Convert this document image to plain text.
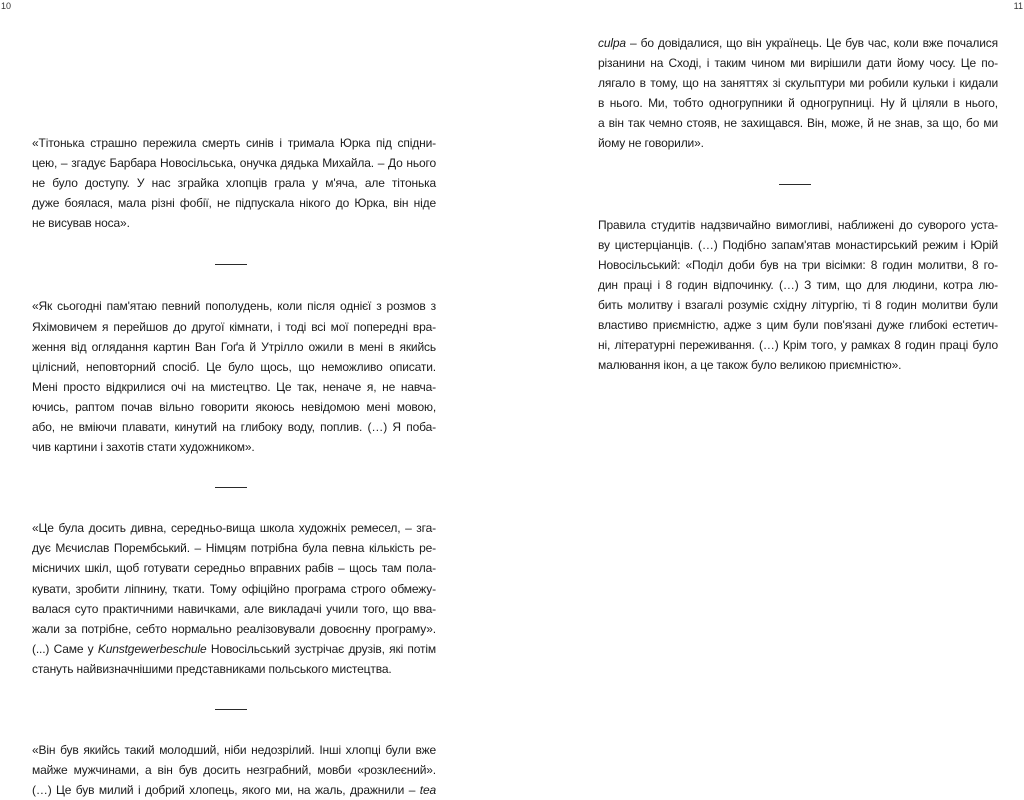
10	11
«Тітонька страшно пережила смерть синів і тримала Юрка під спідни-
цею, – згадує Барбара Новосільська, онучка дядька Михайла. – До нього
не було доступу. У нас зграйка хлопців грала у м'яча, але тітонька
дуже боялася, мала різні фобії, не підпускала нікого до Юрка, він ніде
не висував носа».
«Як сьогодні пам'ятаю певний пополудень, коли після однієї з розмов з
Яхімовичем я перейшов до другої кімнати, і тоді всі мої попередні вра-
ження від оглядання картин Ван Гоґа й Утрілло ожили в мені в якийсь
цілісний, неповторний спосіб. Це було щось, що неможливо описати.
Мені просто відкрилися очі на мистецтво. Це так, неначе я, не навча-
ючись, раптом почав вільно говорити якоюсь невідомою мені мовою,
або, не вміючи плавати, кинутий на глибоку воду, поплив. (…) Я поба-
чив картини і захотів стати художником».
«Це була досить дивна, середньо-вища школа художніх ремесел, – зга-
дує Мєчислав Порембський. – Німцям потрібна була певна кількість ре-
місничих шкіл, щоб готувати середньо вправних рабів – щось там пола-
кувати, зробити ліпнину, ткати. Тому офіційно програма строго обмежу-
валася суто практичними навичками, але викладачі учили того, що вва-
жали за потрібне, себто нормально реалізовували довоєнну програму».
(...) Саме у Kunstgewerbeschule Новосільський зустрічає друзів, які потім
стануть найвизначнішими представниками польського мистецтва.
«Він був якийсь такий молодший, ніби недозрілий. Інші хлопці були вже
майже мужчинами, а він був досить незграбний, мовби «розклеєний».
(…) Це був милий і добрий хлопець, якого ми, на жаль, дражнили – tea
culpa – бо довідалися, що він українець. Це був час, коли вже почалися
різанини на Сході, і таким чином ми вирішили дати йому чосу. Це по-
лягало в тому, що на заняттях зі скульптури ми робили кульки і кидали
в нього. Ми, тобто одногрупники й одногрупниці. Ну й ціляли в нього,
а він так чемно стояв, не захищався. Він, може, й не знав, за що, бо ми
йому не говорили».
Правила студитів надзвичайно вимогливі, наближені до суворого уста-
ву цистерціанців. (…) Подібно запам'ятав монастирський режим і Юрій
Новосільський: «Поділ доби був на три вісімки: 8 годин молитви, 8 го-
дин праці і 8 годин відпочинку. (…) З тим, що для людини, котра лю-
бить молитву і взагалі розуміє східну літургію, ті 8 годин молитви були
властиво приємністю, адже з цим були пов'язані дуже глибокі естетич-
ні, літературні переживання. (…) Крім того, у рамках 8 годин праці було
малювання ікон, а це також було великою приємністю».
